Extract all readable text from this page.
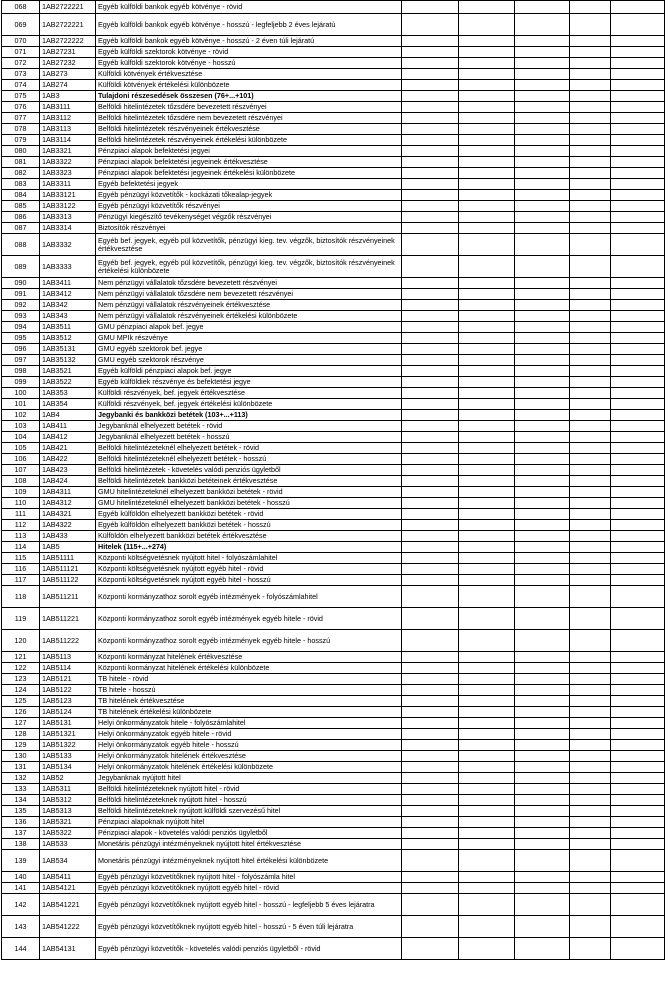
068	1AB2722221	Egyéb külföldi bankok egyéb kötvénye - rövid					
069	1AB2722221	Egyéb külföldi bankok egyéb kötvénye - hosszú - legfeljebb 2 éves lejáratú					
070	1AB2722222	Egyéb külföldi bankok egyéb kötvénye - hosszú - 2 éven túli lejáratú					
071	1AB27231	Egyéb külföldi szektorok kötvénye - rövid					
072	1AB27232	Egyéb külföldi szektorok kötvénye - hosszú					
073	1AB273	Külföldi kötvények értékvesztése					
074	1AB274	Külföldi kötvények értékelési különbözete					
075	1AB3	Tulajdoni részesedések összesen (76+...+101)					
076	1AB3111	Belföldi hitelintézetek tőzsdére bevezetett részvényei					
077	1AB3112	Belföldi hitelintézetek tőzsdére nem bevezetett részvényei					
078	1AB3113	Belföldi hitelintézetek részvényeinek értékvesztése					
079	1AB3114	Belföldi hitelintézetek részvényeinek értékelési különbözete					
080	1AB3321	Pénzpiaci alapok befektetési jegyei					
081	1AB3322	Pénzpiaci alapok befektetési jegyeinek értékvesztése					
082	1AB3323	Pénzpiaci alapok befektetési jegyeinek értékelési különbözete					
083	1AB3311	Egyéb befektetési jegyek					
084	1AB33121	Egyéb pénzügyi közvetítők - kockázati tőkealap-jegyek					
085	1AB33122	Egyéb pénzügyi közvetítők részvényei					
086	1AB3313	Pénzügyi kiegészítő tevékenységet végzők részvényei					
087	1AB3314	Biztosítók részvényei					
088	1AB3332	Egyéb bef. jegyek, egyéb pül közvetítők, pénzügyi kieg. tev. végzők, biztosítók részvényeinek értékvesztése					
089	1AB3333	Egyéb bef. jegyek, egyéb pül közvetítők, pénzügyi kieg. tev. végzők, biztosítók részvényeinek értékelési különbözete					
090	1AB3411	Nem pénzügyi vállalatok tőzsdére bevezetett részvényei					
091	1AB3412	Nem pénzügyi vállalatok tőzsdére nem bevezetett részvényei					
092	1AB342	Nem pénzügyi vállalatok részvényeinek értékvesztése					
093	1AB343	Nem pénzügyi vállalatok részvényeinek értékelési különbözete					
094	1AB3511	GMU pénzpiaci alapok bef. jegye					
095	1AB3512	GMU MPIk részvénye					
096	1AB35131	GMU egyéb szektorok bef. jegye					
097	1AB35132	GMU egyéb szektorok részvénye					
098	1AB3521	Egyéb külföldi pénzpiaci alapok bef. jegye					
099	1AB3522	Egyéb külföldiek részvénye és befektetési jegye					
100	1AB353	Külföldi részvények, bef. jegyek értékvesztése					
101	1AB354	Külföldi részvények, bef. jegyek értékelési különbözete					
102	1AB4	Jegybanki és bankközi betétek (103+...+113)					
103	1AB411	Jegybanknál elhelyezett betétek - rövid					
104	1AB412	Jegybanknál elhelyezett betétek - hosszú					
105	1AB421	Belföldi hitelintézeteknél elhelyezett betétek - rövid					
106	1AB422	Belföldi hitelintézeteknél elhelyezett betétek - hosszú					
107	1AB423	Belföldi hitelintézetek - követelés valódi penziós ügyletből					
108	1AB424	Belföldi hitelintézetek bankközi betéteinek értékvesztése					
109	1AB4311	GMU hitelintézeteknél elhelyezett bankközi betétek - rövid					
110	1AB4312	GMU hitelintézeteknél elhelyezett bankközi betétek - hosszú					
111	1AB4321	Egyéb külföldön elhelyezett bankközi betétek - rövid					
112	1AB4322	Egyéb külföldön elhelyezett bankközi betétek - hosszú					
113	1AB433	Külföldön elhelyezett bankközi betétek értékvesztése					
114	1AB5	Hitelek (115+...+274)					
115	1AB51111	Központi költségvetésnek nyújtott hitel - folyószámlahitel					
116	1AB511121	Központi költségvetésnek nyújtott egyéb hitel - rövid					
117	1AB511122	Központi költségvetésnek nyújtott egyéb hitel - hosszú					
118	1AB511211	Központi kormányzathoz sorolt egyéb intézmények - folyószámlahitel					
119	1AB511221	Központi kormányzathoz sorolt egyéb intézmények egyéb hitele - rövid					
120	1AB511222	Központi kormányzathoz sorolt egyéb intézmények egyéb hitele - hosszú					
121	1AB5113	Központi kormányzat hitelének értékvesztése					
122	1AB5114	Központi kormányzat hitelének értékelési különbözete					
123	1AB5121	TB hitele - rövid					
124	1AB5122	TB hitele - hosszú					
125	1AB5123	TB hitelének értékvesztése					
126	1AB5124	TB hitelének értékelési különbözete					
127	1AB5131	Helyi önkormányzatok hitele - folyószámlahitel					
128	1AB51321	Helyi önkormányzatok egyéb hitele - rövid					
129	1AB51322	Helyi önkormányzatok egyéb hitele - hosszú					
130	1AB5133	Helyi önkormányzatok hitelének értékvesztése					
131	1AB5134	Helyi önkormányzatok hitelének értékelési különbözete					
132	1AB52	Jegybanknak nyújtott hitel					
133	1AB5311	Belföldi hitelintézeteknek nyújtott hitel - rövid					
134	1AB5312	Belföldi hitelintézeteknek nyújtott hitel - hosszú					
135	1AB5313	Belföldi hitelintézeteknek nyújtott külföldi szervezésű hitel					
136	1AB5321	Pénzpiaci alapoknak nyújtott hitel					
137	1AB5322	Pénzpiaci alapok - követelés valódi penziós ügyletből					
138	1AB533	Monetáris pénzügyi intézményeknek nyújtott hitel értékvesztése					
139	1AB534	Monetáris pénzügyi intézményeknek nyújtott hitel értékelési különbözete					
140	1AB5411	Egyéb pénzügyi közvetítőknek nyújtott hitel - folyószámla hitel					
141	1AB54121	Egyéb pénzügyi közvetítőknek nyújtott egyéb hitel - rövid					
142	1AB541221	Egyéb pénzügyi közvetítőknek nyújtott egyéb hitel - hosszú - legfeljebb 5 éves lejáratra					
143	1AB541222	Egyéb pénzügyi közvetítőknek nyújtott egyéb hitel - hosszú - 5 éven túli lejáratra					
144	1AB54131	Egyéb pénzügyi közvetítők - követelés valódi penziós ügyletből - rövid					
